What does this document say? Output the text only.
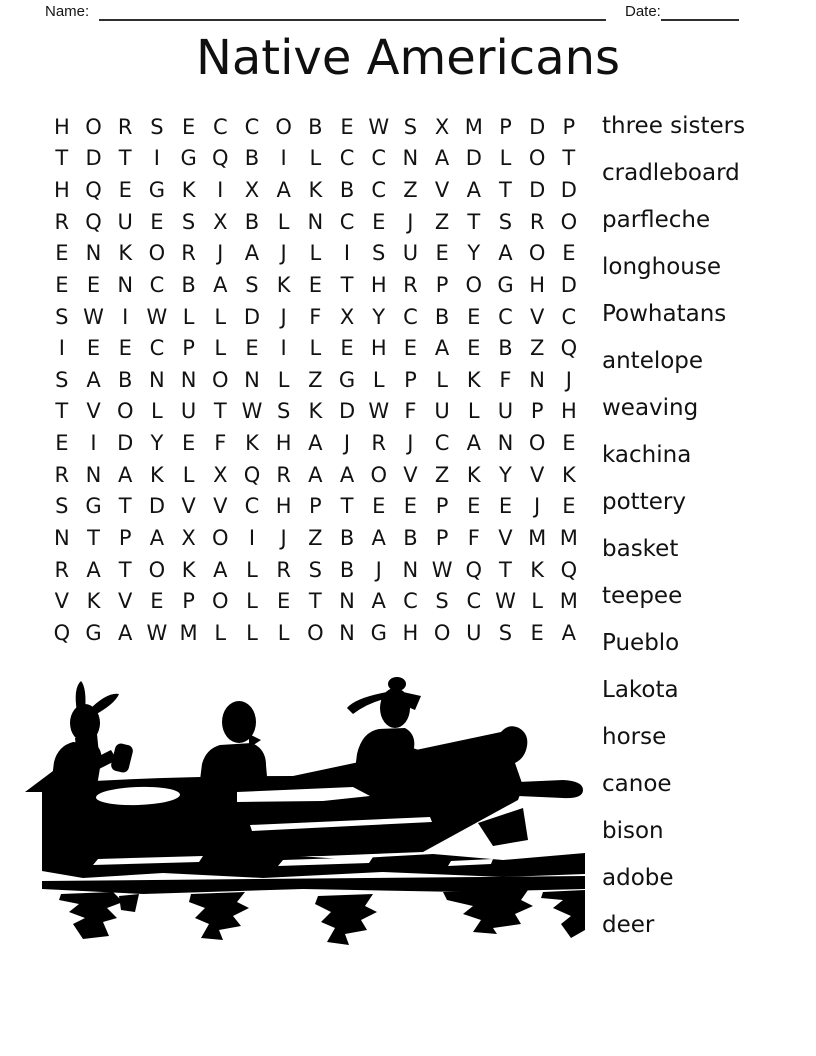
Name:	Date:
Native Americans
H O R S E C C O B E W S X M P D P
T D T	I G Q B	I	L C C N A D L O T
H Q E G K	I	X A K B C Z V A T D D
R Q U E S X B L N C E	J	Z T S R O
E N K O R	J	A	J	L	I	S U E Y A O E
E E N C B A S K E T H R P O G H D
S W I W L L D J	F X Y C B E C V C
I	E E C P L E	I	L E H E A E B Z Q
S A B N N O N L Z G L P L K F N J
T V O L U T W S K D W F U L U P H
E	I D Y E F K H A	J	R	J	C A N O E
R N A K L X Q R A A O V Z K Y V K
S G T D V V C H P T E E P E E	J	E
N T P A X O I	J	Z B A B P F V M M
R A T O K A L R S B	J N W Q T K Q
V K V E P O L E T N A C S C W L M
Q G A W M L L L O N G H O U S E A
three sisters
cradleboard
parfleche
longhouse
Powhatans
antelope
weaving
kachina
pottery
basket
teepee
Pueblo
Lakota
horse
canoe
bison
adobe
deer
